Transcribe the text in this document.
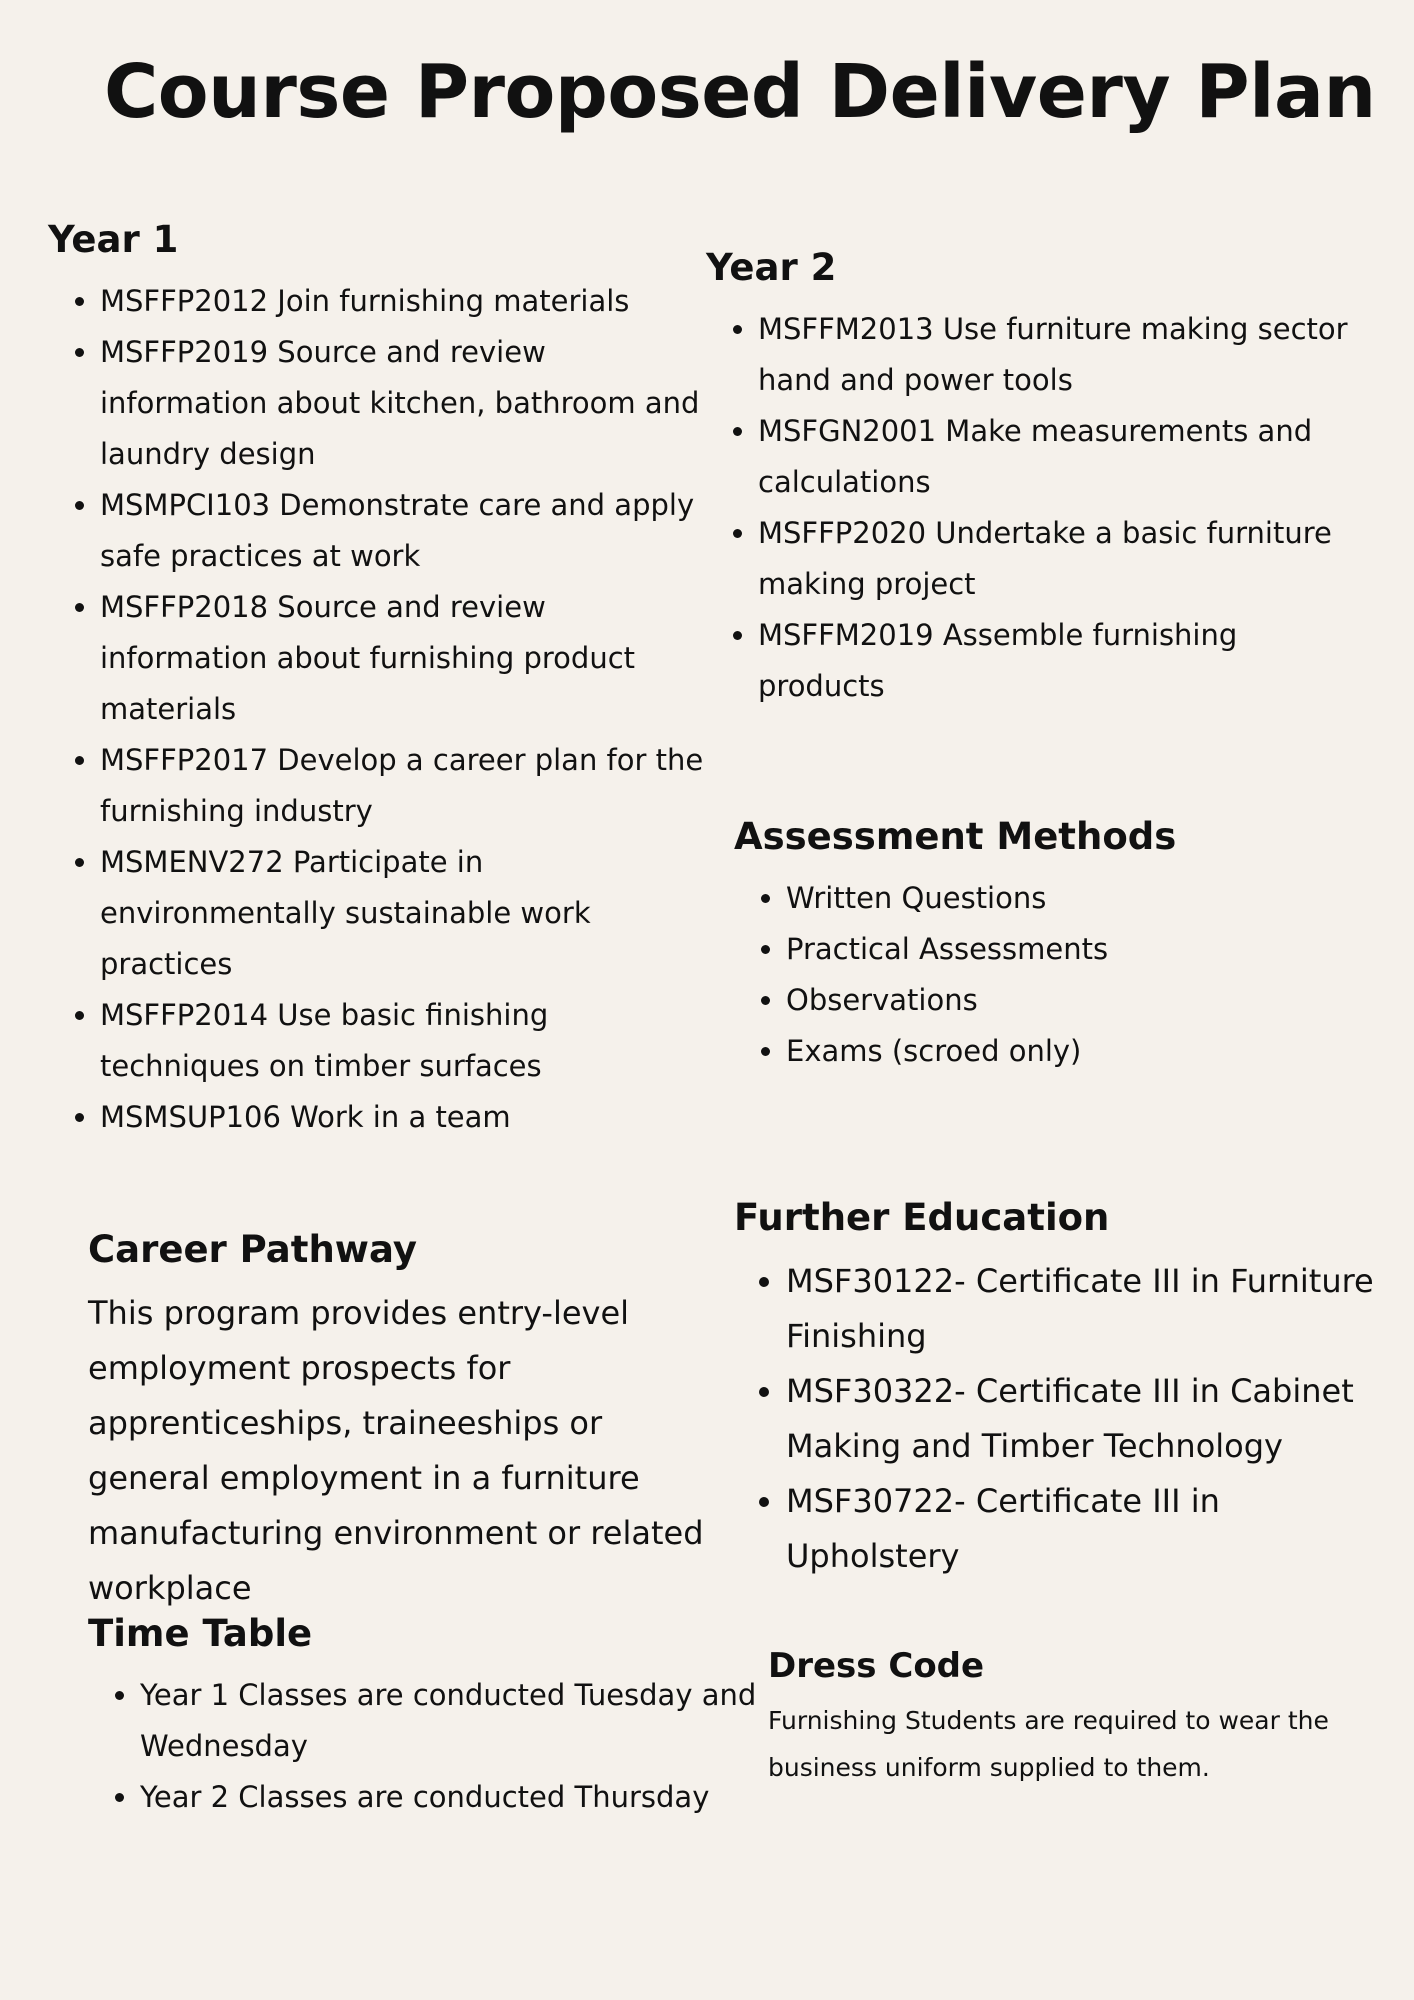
Course Proposed Delivery Plan
Year 1
• MSFFP2012 Join furnishing materials
• MSFFP2019 Source and review information about kitchen, bathroom and laundry design
• MSMPCI103 Demonstrate care and apply safe practices at work
• MSFFP2018 Source and review information about furnishing product materials
• MSFFP2017 Develop a career plan for the furnishing industry
• MSMENV272 Participate in environmentally sustainable work practices
• MSFFP2014 Use basic finishing techniques on timber surfaces
• MSMSUP106 Work in a team
Year 2
• MSFFM2013 Use furniture making sector hand and power tools
• MSFGN2001 Make measurements and calculations
• MSFFP2020 Undertake a basic furniture making project
• MSFFM2019 Assemble furnishing products
Assessment Methods
• Written Questions
• Practical Assessments
• Observations
• Exams (scroed only)
Career Pathway

This program provides entry-level employment prospects for apprenticeships, traineeships or general employment in a furniture manufacturing environment or related workplace

Further Education
• MSF30122- Certificate III in Furniture Finishing
• MSF30322- Certificate III in Cabinet Making and Timber Technology
• MSF30722- Certificate III in Upholstery
Time Table
• Year 1 Classes are conducted Tuesday and Wednesday
• Year 2 Classes are conducted Thursday
Dress Code

Furnishing Students are required to wear the business uniform supplied to them.
